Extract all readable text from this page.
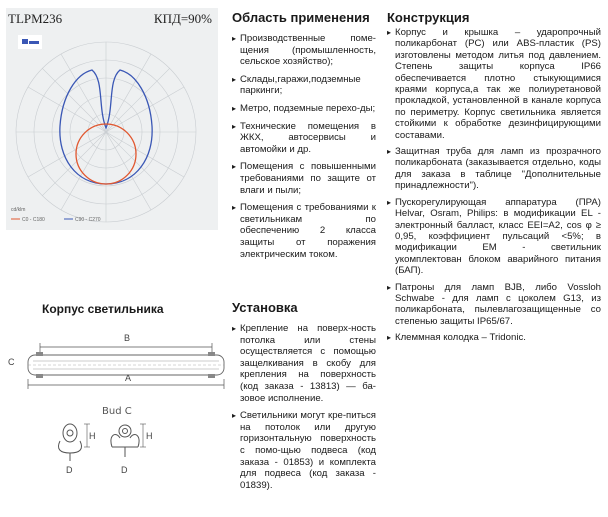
TLPM236	КПД=90%
cd/klm
C0 - C180	C90 - C270
Корпус светильника
C
B
A
Bud C
H
D
H
D
Область применения
▸ Производственные поме-щения (промышленность, сельское хозяйство);
▸ Склады,гаражи,подземные паркинги;
▸ Метро, подземные перехо-ды;
▸ Технические помещения в ЖКХ, автосервисы и автомойки и др.
▸ Помещения с повышенными требованиями по защите от влаги и пыли;
▸ Помещения с требованиями к светильникам по обеспечению 2 класса защиты от поражения электрическим током.
Установка
▸ Крепление на поверх-ность потолка или стены осуществляется с помощью защелкивания в скобу для крепления на поверхность (код заказа - 13813) — ба-зовое исполнение.
▸ Светильники могут кре-питься на потолок или другую горизонтальную поверхность с помо-щью подвеса (код заказа - 01853) и комплекта для подвеса (код заказа - 01839).
Конструкция
▸ Корпус и крышка – ударопрочный поликарбонат (PC) или ABS-пластик (PS) изготовлены методом литья под давлением. Степень защиты корпуса IP66 обеспечивается плотно стыкующимися краями корпуса,а так же полиуретановой прокладкой, установленной в канале корпуса по периметру. Корпус светильника является стойкими к обработке дезинфицирующими составами.
▸ Защитная труба для ламп из прозрачного поликарбоната (заказывается отдельно, коды для заказа в таблице "Дополнительные принадлежности").
▸ Пускорегулирующая аппаратура (ПРА) Helvar, Osram, Philips: в модификации EL - электронный балласт, класс EEI=A2, cos φ ≥ 0,95, коэффициент пульсаций <5%; в модификации EM - светильник укомплектован блоком аварийного питания (БАП).
▸ Патроны для ламп BJB, либо Vossloh Schwabe - для ламп с цоколем G13, из поликарбоната, пылевлагозащищенные со степенью защиты IP65/67.
▸ Клеммная колодка – Tridonic.
